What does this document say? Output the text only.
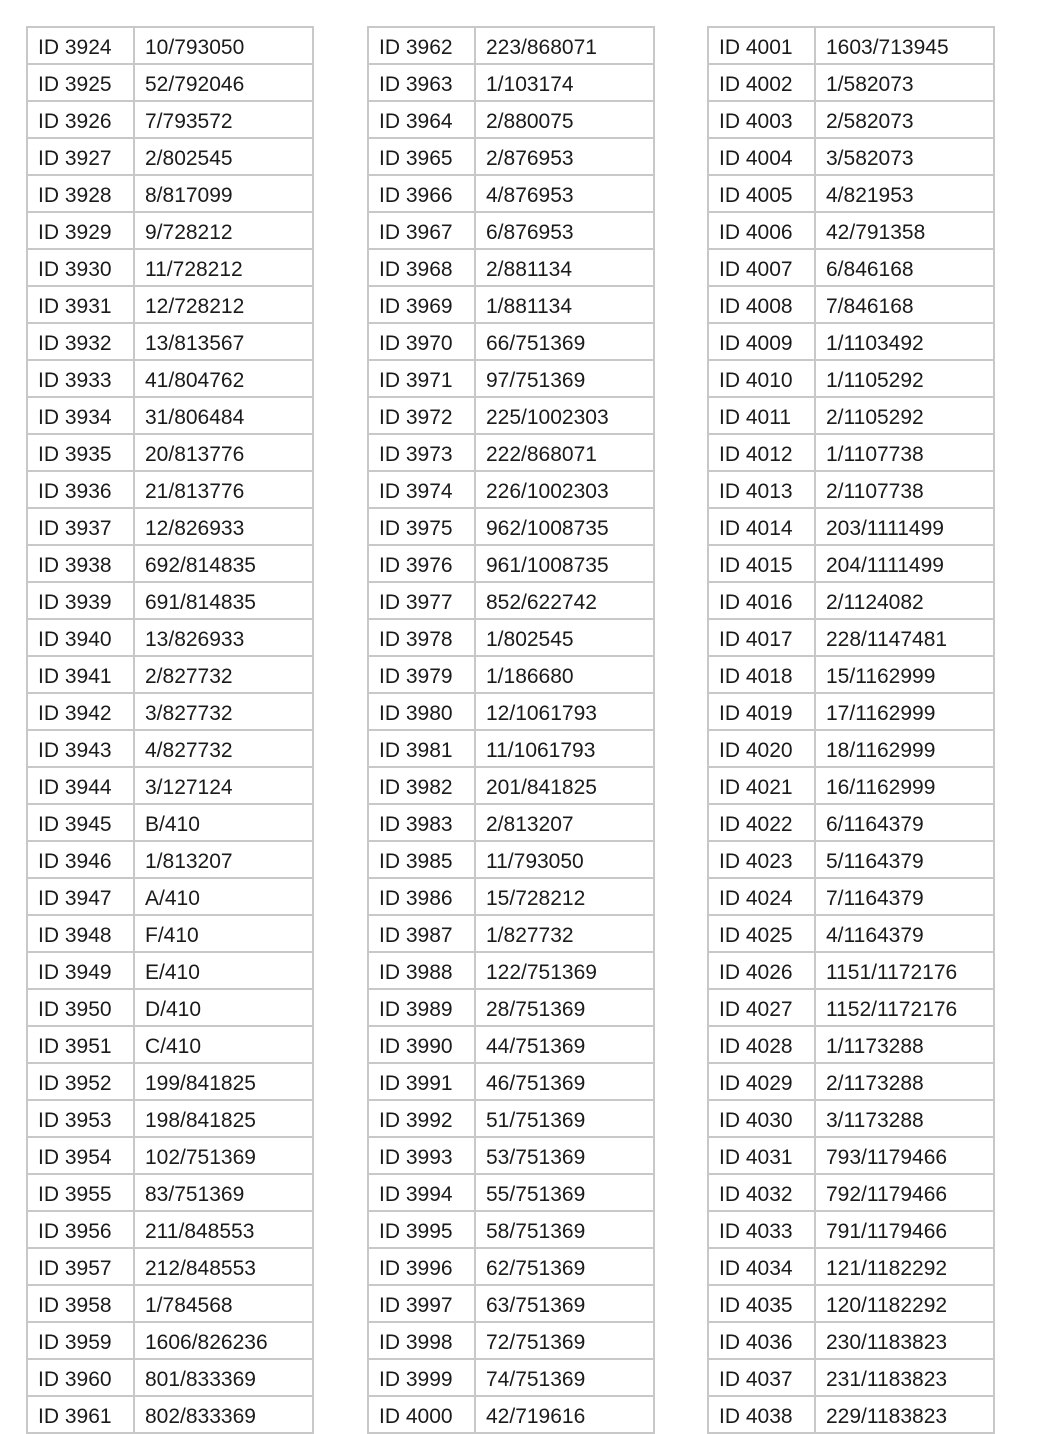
ID 3924	10/793050
ID 3925	52/792046
ID 3926	7/793572
ID 3927	2/802545
ID 3928	8/817099
ID 3929	9/728212
ID 3930	11/728212
ID 3931	12/728212
ID 3932	13/813567
ID 3933	41/804762
ID 3934	31/806484
ID 3935	20/813776
ID 3936	21/813776
ID 3937	12/826933
ID 3938	692/814835
ID 3939	691/814835
ID 3940	13/826933
ID 3941	2/827732
ID 3942	3/827732
ID 3943	4/827732
ID 3944	3/127124
ID 3945	B/410
ID 3946	1/813207
ID 3947	A/410
ID 3948	F/410
ID 3949	E/410
ID 3950	D/410
ID 3951	C/410
ID 3952	199/841825
ID 3953	198/841825
ID 3954	102/751369
ID 3955	83/751369
ID 3956	211/848553
ID 3957	212/848553
ID 3958	1/784568
ID 3959	1606/826236
ID 3960	801/833369
ID 3961	802/833369
ID 3962	223/868071
ID 3963	1/103174
ID 3964	2/880075
ID 3965	2/876953
ID 3966	4/876953
ID 3967	6/876953
ID 3968	2/881134
ID 3969	1/881134
ID 3970	66/751369
ID 3971	97/751369
ID 3972	225/1002303
ID 3973	222/868071
ID 3974	226/1002303
ID 3975	962/1008735
ID 3976	961/1008735
ID 3977	852/622742
ID 3978	1/802545
ID 3979	1/186680
ID 3980	12/1061793
ID 3981	11/1061793
ID 3982	201/841825
ID 3983	2/813207
ID 3985	11/793050
ID 3986	15/728212
ID 3987	1/827732
ID 3988	122/751369
ID 3989	28/751369
ID 3990	44/751369
ID 3991	46/751369
ID 3992	51/751369
ID 3993	53/751369
ID 3994	55/751369
ID 3995	58/751369
ID 3996	62/751369
ID 3997	63/751369
ID 3998	72/751369
ID 3999	74/751369
ID 4000	42/719616
ID 4001	1603/713945
ID 4002	1/582073
ID 4003	2/582073
ID 4004	3/582073
ID 4005	4/821953
ID 4006	42/791358
ID 4007	6/846168
ID 4008	7/846168
ID 4009	1/1103492
ID 4010	1/1105292
ID 4011	2/1105292
ID 4012	1/1107738
ID 4013	2/1107738
ID 4014	203/1111499
ID 4015	204/1111499
ID 4016	2/1124082
ID 4017	228/1147481
ID 4018	15/1162999
ID 4019	17/1162999
ID 4020	18/1162999
ID 4021	16/1162999
ID 4022	6/1164379
ID 4023	5/1164379
ID 4024	7/1164379
ID 4025	4/1164379
ID 4026	1151/1172176
ID 4027	1152/1172176
ID 4028	1/1173288
ID 4029	2/1173288
ID 4030	3/1173288
ID 4031	793/1179466
ID 4032	792/1179466
ID 4033	791/1179466
ID 4034	121/1182292
ID 4035	120/1182292
ID 4036	230/1183823
ID 4037	231/1183823
ID 4038	229/1183823
